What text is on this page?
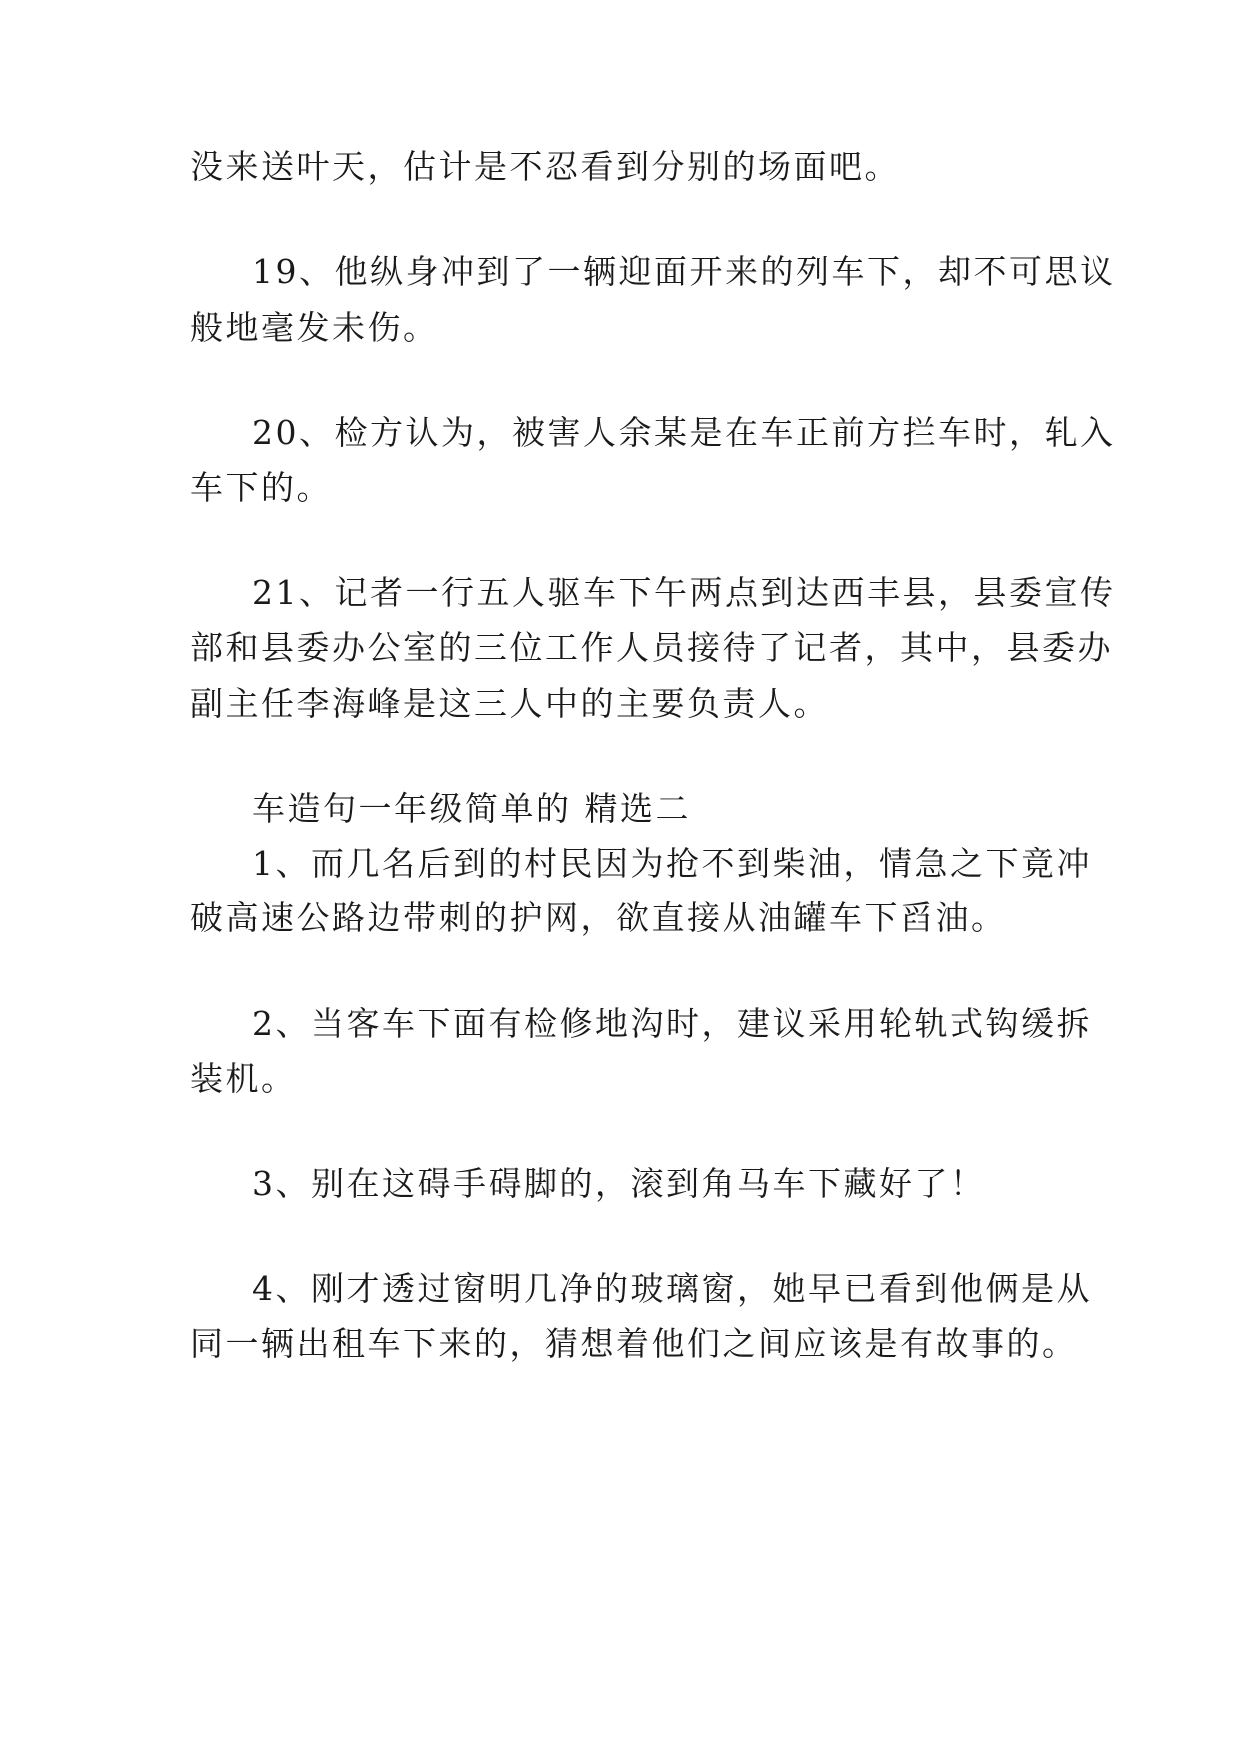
没来送叶天，估计是不忍看到分别的场面吧。
19、他纵身冲到了一辆迎面开来的列车下，却不可思议
般地毫发未伤。
20、检方认为，被害人余某是在车正前方拦车时，轧入
车下的。
21、记者一行五人驱车下午两点到达西丰县，县委宣传
部和县委办公室的三位工作人员接待了记者，其中，县委办
副主任李海峰是这三人中的主要负责人。
车造句一年级简单的 精选二
1、而几名后到的村民因为抢不到柴油，情急之下竟冲
破高速公路边带刺的护网，欲直接从油罐车下舀油。
2、当客车下面有检修地沟时，建议采用轮轨式钩缓拆
装机。
3、别在这碍手碍脚的，滚到角马车下藏好了！
4、刚才透过窗明几净的玻璃窗，她早已看到他俩是从
同一辆出租车下来的，猜想着他们之间应该是有故事的。
